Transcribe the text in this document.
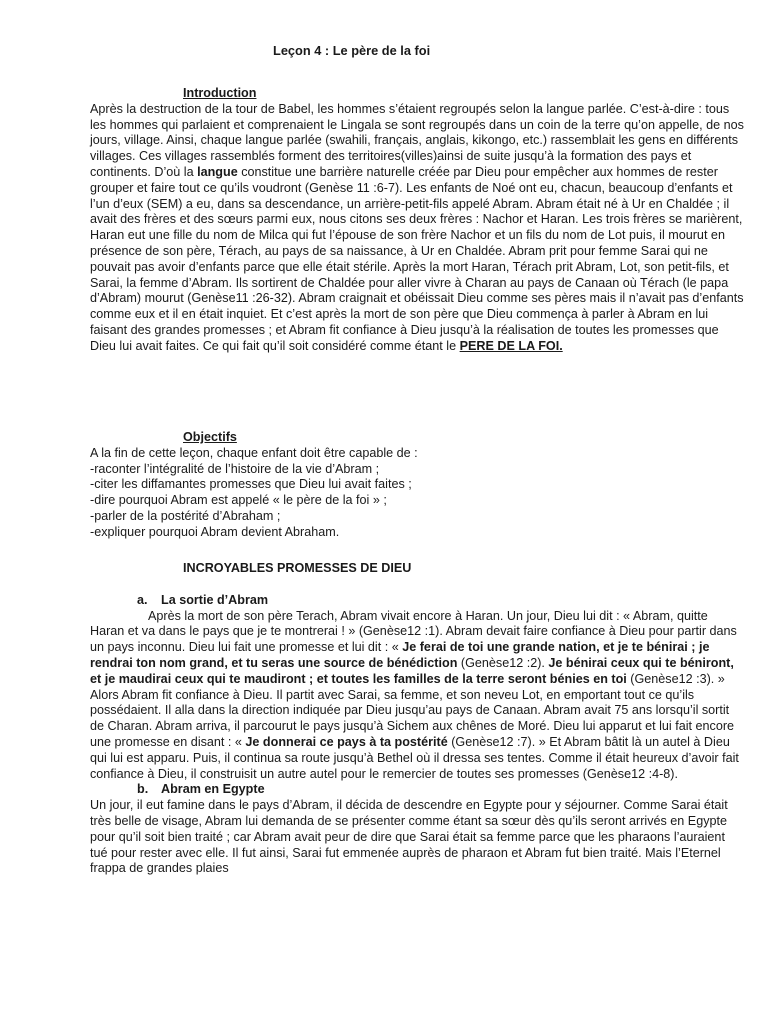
Leçon 4 : Le père de la foi
Introduction

Après la destruction de la tour de Babel, les hommes s’étaient regroupés selon la langue parlée. C’est-à-dire : tous les hommes qui parlaient et comprenaient le Lingala se sont regroupés dans un coin de la terre qu’on appelle, de nos jours, village. Ainsi, chaque langue parlée (swahili, français, anglais, kikongo, etc.) rassemblait les gens en différents villages. Ces villages rassemblés forment des territoires(villes)ainsi de suite jusqu’à la formation des pays et continents. D’où la langue constitue une barrière naturelle créée par Dieu pour empêcher aux hommes de rester grouper et faire tout ce qu’ils voudront (Genèse 11 :6-7). Les enfants de Noé ont eu, chacun, beaucoup d’enfants et l’un d’eux (SEM) a eu, dans sa descendance, un arrière-petit-fils appelé Abram. Abram était né à Ur en Chaldée ; il avait des frères et des sœurs parmi eux, nous citons ses deux frères : Nachor et Haran. Les trois frères se marièrent, Haran eut une fille du nom de Milca qui fut l’épouse de son frère Nachor et un fils du nom de Lot puis, il mourut en présence de son père, Térach, au pays de sa naissance, à Ur en Chaldée. Abram prit pour femme Sarai qui ne pouvait pas avoir d’enfants parce que elle était stérile. Après la mort Haran, Térach prit Abram, Lot, son petit-fils, et Sarai, la femme d’Abram. Ils sortirent de Chaldée pour aller vivre à Charan au pays de Canaan où Térach (le papa d’Abram) mourut (Genèse11 :26-32). Abram craignait et obéissait Dieu comme ses pères mais il n’avait pas d’enfants comme eux et il en était inquiet. Et c’est après la mort de son père que Dieu commença à parler à Abram en lui faisant des grandes promesses ; et Abram fit confiance à Dieu jusqu’à la réalisation de toutes les promesses que Dieu lui avait faites. Ce qui fait qu’il soit considéré comme étant le PERE DE LA FOI.

Objectifs

A la fin de cette leçon, chaque enfant doit être capable de :

-raconter l’intégralité de l’histoire de la vie d’Abram ;

-citer les diffamantes promesses que Dieu lui avait faites ;

-dire pourquoi Abram est appelé « le père de la foi » ;

-parler de la postérité d’Abraham ;

-expliquer pourquoi Abram devient Abraham.

INCROYABLES PROMESSES DE DIEU
a. La sortie d’Abram

Après la mort de son père Terach, Abram vivait encore à Haran. Un jour, Dieu lui dit : « Abram, quitte Haran et va dans le pays que je te montrerai ! » (Genèse12 :1). Abram devait faire confiance à Dieu pour partir dans un pays inconnu. Dieu lui fait une promesse et lui dit : « Je ferai de toi une grande nation, et je te bénirai ; je rendrai ton nom grand, et tu seras une source de bénédiction (Genèse12 :2). Je bénirai ceux qui te béniront, et je maudirai ceux qui te maudiront ; et toutes les familles de la terre seront bénies en toi (Genèse12 :3). » Alors Abram fit confiance à Dieu. Il partit avec Sarai, sa femme, et son neveu Lot, en emportant tout ce qu’ils possédaient. Il alla dans la direction indiquée par Dieu jusqu’au pays de Canaan. Abram avait 75 ans lorsqu’il sortit de Charan. Abram arriva, il parcourut le pays jusqu’à Sichem aux chênes de Moré. Dieu lui apparut et lui fait encore une promesse en disant : « Je donnerai ce pays à ta postérité (Genèse12 :7). » Et Abram bâtit là un autel à Dieu qui lui est apparu. Puis, il continua sa route jusqu’à Bethel où il dressa ses tentes. Comme il était heureux d’avoir fait confiance à Dieu, il construisit un autre autel pour le remercier de toutes ses promesses (Genèse12 :4-8).

b. Abram en Egypte

Un jour, il eut famine dans le pays d’Abram, il décida de descendre en Egypte pour y séjourner. Comme Sarai était très belle de visage, Abram lui demanda de se présenter comme étant sa sœur dès qu’ils seront arrivés en Egypte pour qu’il soit bien traité ; car Abram avait peur de dire que Sarai était sa femme parce que les pharaons l’auraient tué pour rester avec elle. Il fut ainsi, Sarai fut emmenée auprès de pharaon et Abram fut bien traité. Mais l’Eternel frappa de grandes plaies
